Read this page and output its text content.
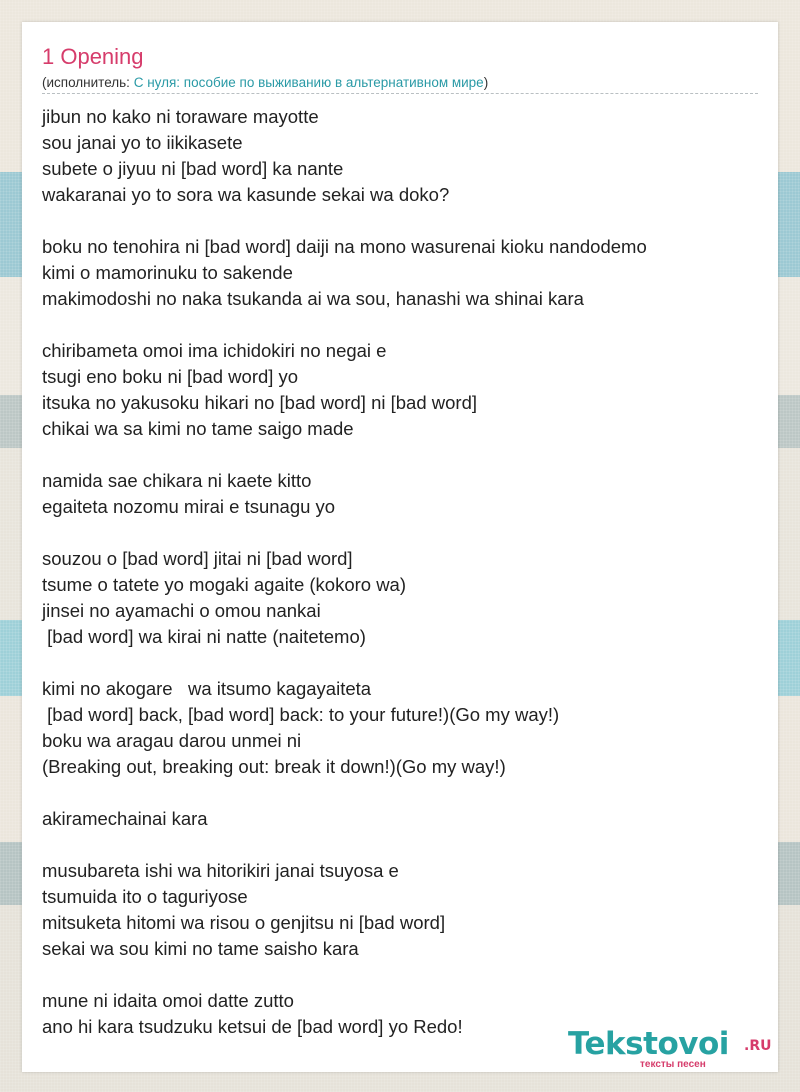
1 Opening
(исполнитель: С нуля: пособие по выживанию в альтернативном мире)
jibun no kako ni toraware mayotte
sou janai yo to iikikasete
subete o jiyuu ni [bad word] ka nante
wakaranai yo to sora wa kasunde sekai wa doko?
boku no tenohira ni [bad word] daiji na mono wasurenai kioku nandodemo
kimi o mamorinuku to sakende
makimodoshi no naka tsukanda ai wa sou, hanashi wa shinai kara
chiribameta omoi ima ichidokiri no negai e
tsugi eno boku ni [bad word] yo
itsuka no yakusoku hikari no [bad word] ni [bad word]
chikai wa sa kimi no tame saigo made
namida sae chikara ni kaete kitto
egaiteta nozomu mirai e tsunagu yo
souzou o [bad word] jitai ni [bad word]
tsume o tatete yo mogaki agaite (kokoro wa)
jinsei no ayamachi o omou nankai
[bad word] wa kirai ni natte (naitetemo)
kimi no akogare   wa itsumo kagayaiteta
[bad word] back, [bad word] back: to your future!)(Go my way!)
boku wa aragau darou unmei ni
(Breaking out, breaking out: break it down!)(Go my way!)
akiramechainai kara
musubareta ishi wa hitorikiri janai tsuyosa e
tsumuida ito o taguriyose
mitsuketa hitomi wa risou o genjitsu ni [bad word]
sekai wa sou kimi no tame saisho kara
mune ni idaita omoi datte zutto
ano hi kara tsudzuku ketsui de [bad word] yo Redo!	Tekstovoi .RU
тексты песен
